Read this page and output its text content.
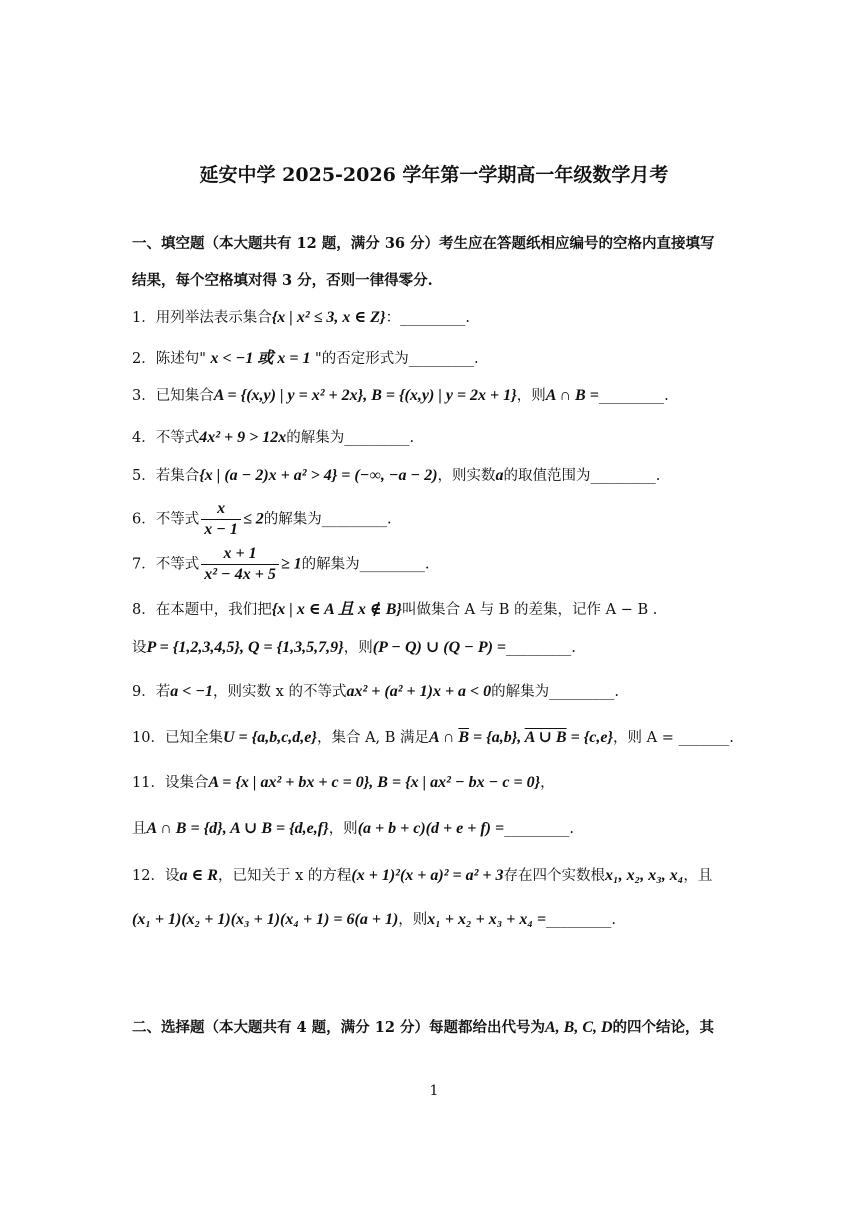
延安中学 2025-2026 学年第一学期高一年级数学月考
一、填空题（本大题共有 12 题，满分 36 分）考生应在答题纸相应编号的空格内直接填写
结果，每个空格填对得 3 分，否则一律得零分.
1．用列举法表示集合{x | x² ≤ 3, x ∈ Z}：_________.
2．陈述句" x < −1 或 x = 1 "的否定形式为_________.
3．已知集合A = {(x,y) | y = x² + 2x}, B = {(x,y) | y = 2x + 1}，则A ∩ B =_________.
4．不等式4x² + 9 > 12x的解集为_________.
5．若集合{x | (a − 2)x + a² > 4} = (−∞, −a − 2)，则实数a的取值范围为_________.
6．不等式 $\frac{x}{x - 1} \le 2$的解集为_________.
7．不等式 $\frac{x + 1}{\text{x² − 4x + 5}} \ge 1$的解集为_________.
8．在本题中，我们把{x | x ∈ A 且 x ∉ B}叫做集合 A 与 B 的差集，记作 A − B .
设P = {1,2,3,4,5}, Q = {1,3,5,7,9}，则(P − Q) ∪ (Q − P) =_________.
9．若a < −1，则实数 x 的不等式ax² + (a² + 1)x + a < 0的解集为_________.
10．已知全集U = {a,b,c,d,e}，集合 A, B 满足A ∩ $\overline{B} = \{a,b\}$, A ∪ B = {c,e}，则 A = _______.
11．设集合A = {x | ax² + bx + c = 0}, B = {x | ax² − bx − c = 0}，
且A ∩ B = {d}, A ∪ B = {d,e,f}，则(a + b + c)(d + e + f) =_________.
12．设a ∈ R，已知关于 x 的方程(x + 1)²(x + a)² = a² + 3存在四个实数根x₁, x₂, x₃, x₄，且
(x₁ + 1)(x₂ + 1)(x₃ + 1)(x₄ + 1) = 6(a + 1)，则x₁ + x₂ + x₃ + x₄ =_________.
二、选择题（本大题共有 4 题，满分 12 分）每题都给出代号为A, B, C, D的四个结论，其
1
